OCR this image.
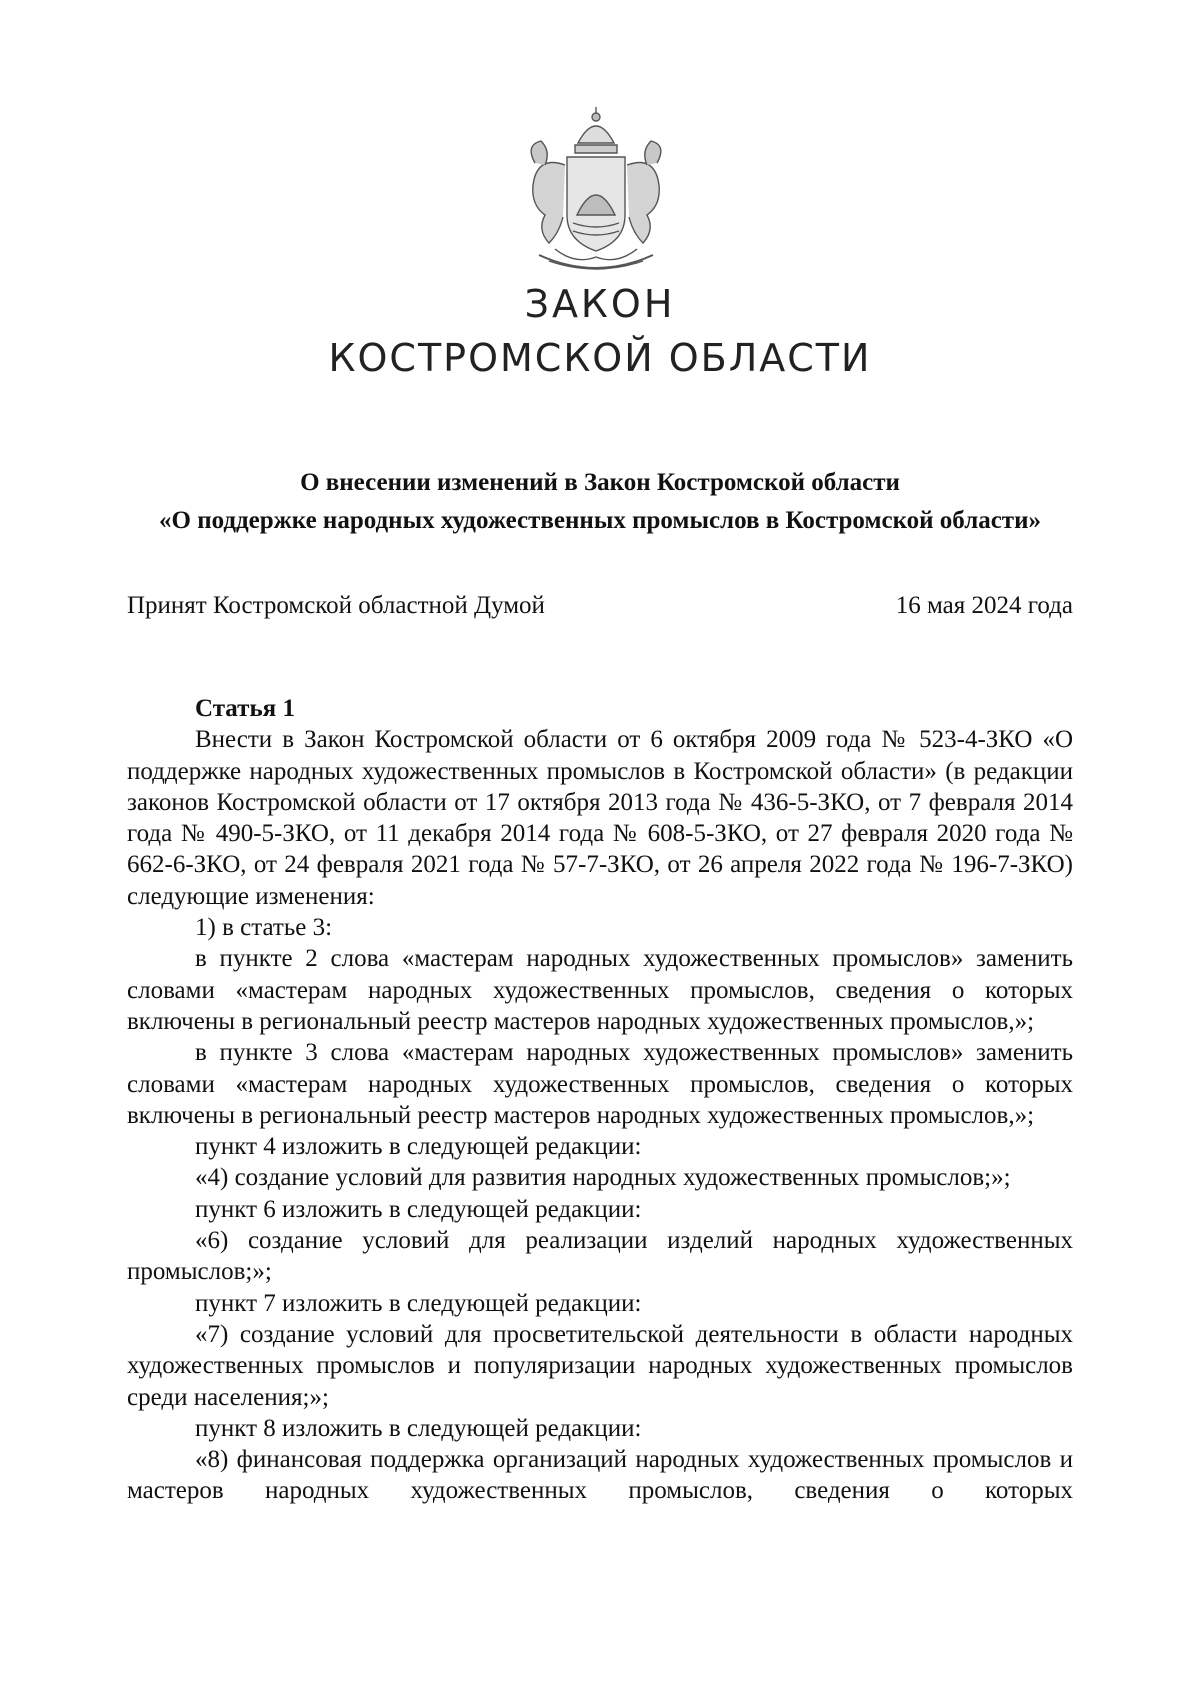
ЗАКОН
КОСТРОМСКОЙ ОБЛАСТИ
О внесении изменений в Закон Костромской области
«О поддержке народных художественных промыслов в Костромской области»
Принят Костромской областной Думой	16 мая 2024 года

Статья 1

Внести в Закон Костромской области от 6 октября 2009 года № 523-4-ЗКО «О поддержке народных художественных промыслов в Костромской области» (в редакции законов Костромской области от 17 октября 2013 года № 436-5-ЗКО, от 7 февраля 2014 года № 490-5-ЗКО, от 11 декабря 2014 года № 608-5-ЗКО, от 27 февраля 2020 года № 662-6-ЗКО, от 24 февраля 2021 года № 57-7-ЗКО, от 26 апреля 2022 года № 196-7-ЗКО) следующие изменения:

1) в статье 3:

в пункте 2 слова «мастерам народных художественных промыслов» заменить словами «мастерам народных художественных промыслов, сведения о которых включены в региональный реестр мастеров народных художественных промыслов,»;

в пункте 3 слова «мастерам народных художественных промыслов» заменить словами «мастерам народных художественных промыслов, сведения о которых включены в региональный реестр мастеров народных художественных промыслов,»;

пункт 4 изложить в следующей редакции:

«4) создание условий для развития народных художественных промыслов;»;

пункт 6 изложить в следующей редакции:

«6) создание условий для реализации изделий народных художественных промыслов;»;

пункт 7 изложить в следующей редакции:

«7) создание условий для просветительской деятельности в области народных художественных промыслов и популяризации народных художественных промыслов среди населения;»;

пункт 8 изложить в следующей редакции:

«8) финансовая поддержка организаций народных художественных промыслов и мастеров народных художественных промыслов, сведения о которых
